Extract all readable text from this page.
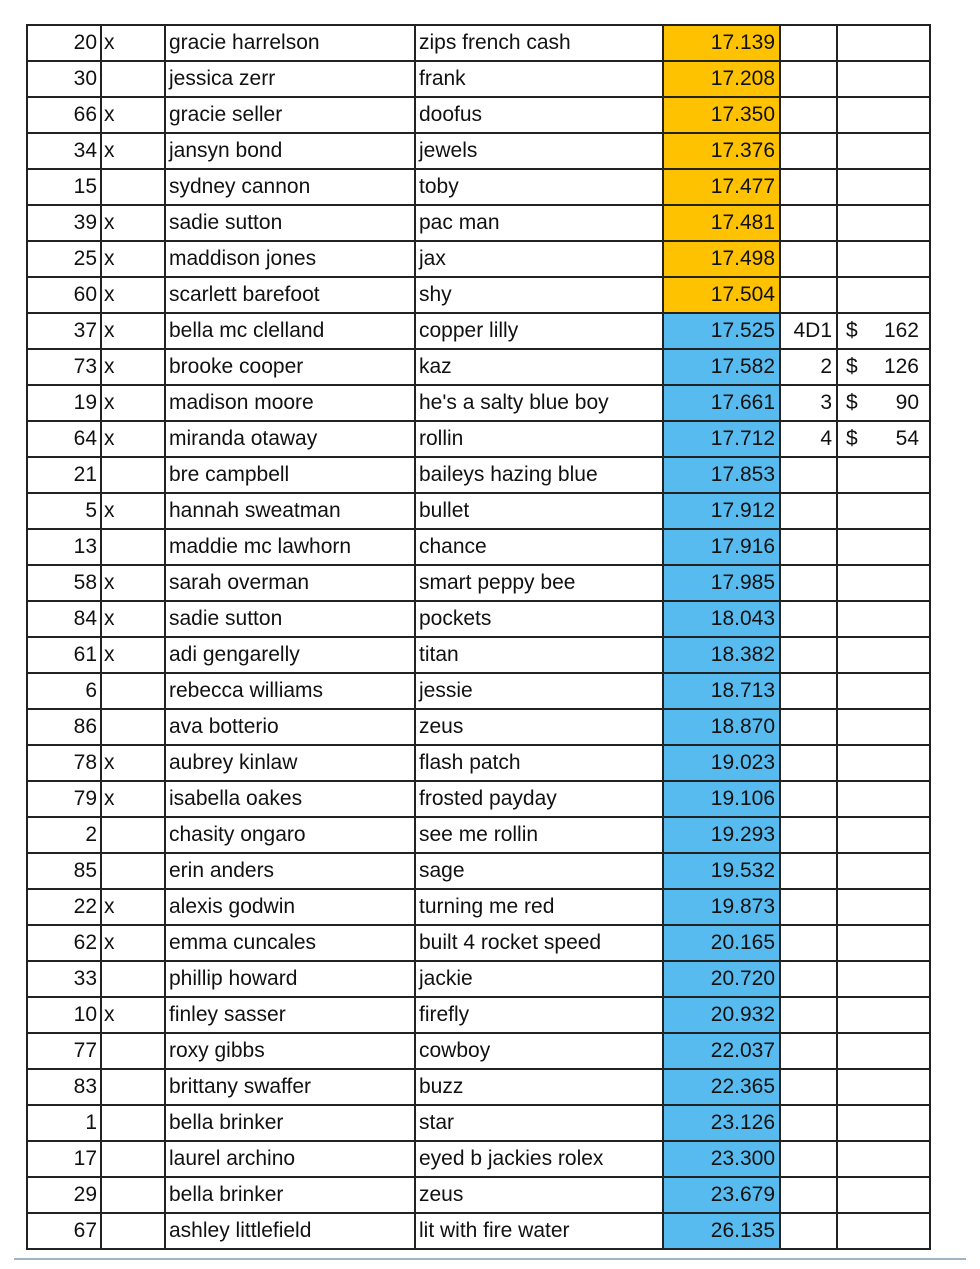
20	x	gracie harrelson	zips french cash	17.139		

30		jessica zerr	frank	17.208		

66	x	gracie seller	doofus	17.350		

34	x	jansyn bond	jewels	17.376		

15		sydney cannon	toby	17.477		

39	x	sadie sutton	pac man	17.481		

25	x	maddison jones	jax	17.498		

60	x	scarlett barefoot	shy	17.504		

37	x	bella mc clelland	copper lilly	17.525	4D1	$ 162

73	x	brooke cooper	kaz	17.582	2	$ 126

19	x	madison moore	he's a salty blue boy	17.661	3	$ 90

64	x	miranda otaway	rollin	17.712	4	$ 54

21		bre campbell	baileys hazing blue	17.853		

5	x	hannah sweatman	bullet	17.912		

13		maddie mc lawhorn	chance	17.916		

58	x	sarah overman	smart peppy bee	17.985		

84	x	sadie sutton	pockets	18.043		

61	x	adi gengarelly	titan	18.382		

6		rebecca williams	jessie	18.713		

86		ava botterio	zeus	18.870		

78	x	aubrey kinlaw	flash patch	19.023		

79	x	isabella oakes	frosted payday	19.106		

2		chasity ongaro	see me rollin	19.293		

85		erin anders	sage	19.532		

22	x	alexis godwin	turning me red	19.873		

62	x	emma cuncales	built 4 rocket speed	20.165		

33		phillip howard	jackie	20.720		

10	x	finley sasser	firefly	20.932		

77		roxy gibbs	cowboy	22.037		

83		brittany swaffer	buzz	22.365		

1		bella brinker	star	23.126		

17		laurel archino	eyed b jackies rolex	23.300		

29		bella brinker	zeus	23.679		

67		ashley littlefield	lit with fire water	26.135		
